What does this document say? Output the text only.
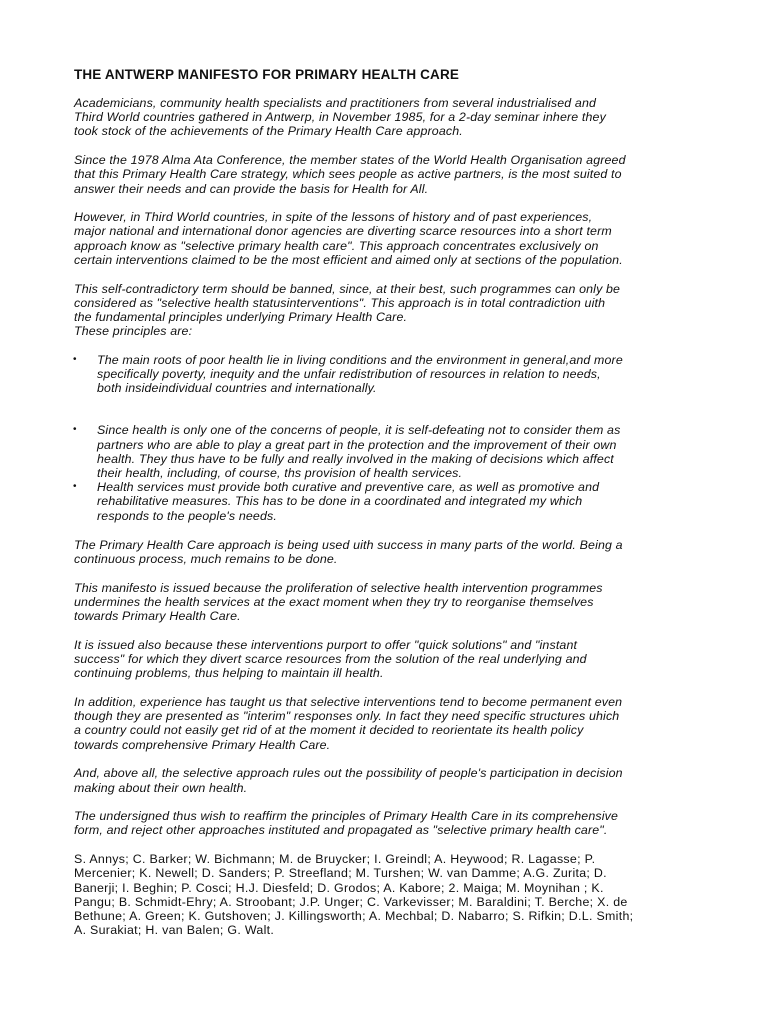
THE ANTWERP MANIFESTO FOR PRIMARY HEALTH CARE

Academicians, community health specialists and practitioners from several industrialised and
Third World countries gathered in Antwerp, in November 1985, for a 2-day seminar inhere they
took stock of the achievements of the Primary Health Care approach.

Since the 1978 Alma Ata Conference, the member states of the World Health Organisation agreed
that this Primary Health Care strategy, which sees people as active partners, is the most suited to
answer their needs and can provide the basis for Health for All.

However, in Third World countries, in spite of the lessons of history and of past experiences,
major national and international donor agencies are diverting scarce resources into a short term
approach know as "selective primary health care". This approach concentrates exclusively on
certain interventions claimed to be the most efficient and aimed only at sections of the population.

This self-contradictory term should be banned, since, at their best, such programmes can only be
considered as "selective health statusinterventions". This approach is in total contradiction uith
the fundamental principles underlying Primary Health Care.

These principles are:

• The main roots of poor health lie in living conditions and the environment in general,and more
specifically poverty, inequity and the unfair redistribution of resources in relation to needs,
both insideindividual countries and internationally.
• Since health is only one of the concerns of people, it is self-defeating not to consider them as
partners who are able to play a great part in the protection and the improvement of their own
health. They thus have to be fully and really involved in the making of decisions which affect
their health, including, of course, ths provision of health services.
• Health services must provide both curative and preventive care, as well as promotive and
rehabilitative measures. This has to be done in a coordinated and integrated my which
responds to the people's needs.

The Primary Health Care approach is being used uith success in many parts of the world. Being a
continuous process, much remains to be done.

This manifesto is issued because the proliferation of selective health intervention programmes
undermines the health services at the exact moment when they try to reorganise themselves
towards Primary Health Care.

It is issued also because these interventions purport to offer "quick solutions" and "instant
success" for which they divert scarce resources from the solution of the real underlying and
continuing problems, thus helping to maintain ill health.

In addition, experience has taught us that selective interventions tend to become permanent even
though they are presented as "interim" responses only. In fact they need specific structures uhich
a country could not easily get rid of at the moment it decided to reorientate its health policy
towards comprehensive Primary Health Care.

And, above all, the selective approach rules out the possibility of people's participation in decision
making about their own health.

The undersigned thus wish to reaffirm the principles of Primary Health Care in its comprehensive
form, and reject other approaches instituted and propagated as "selective primary health care".

S. Annys; C. Barker; W. Bichmann; M. de Bruycker; I. Greindl; A. Heywood; R. Lagasse; P.
Mercenier; K. Newell; D. Sanders; P. Streefland; M. Turshen; W. van Damme; A.G. Zurita; D.
Banerji; I. Beghin; P. Cosci; H.J. Diesfeld; D. Grodos; A. Kabore; 2. Maiga; M. Moynihan ; K.
Pangu; B. Schmidt-Ehry; A. Stroobant; J.P. Unger; C. Varkevisser; M. Baraldini; T. Berche; X. de
Bethune; A. Green; K. Gutshoven; J. Killingsworth; A. Mechbal; D. Nabarro; S. Rifkin; D.L. Smith;
A. Surakiat; H. van Balen; G. Walt.
